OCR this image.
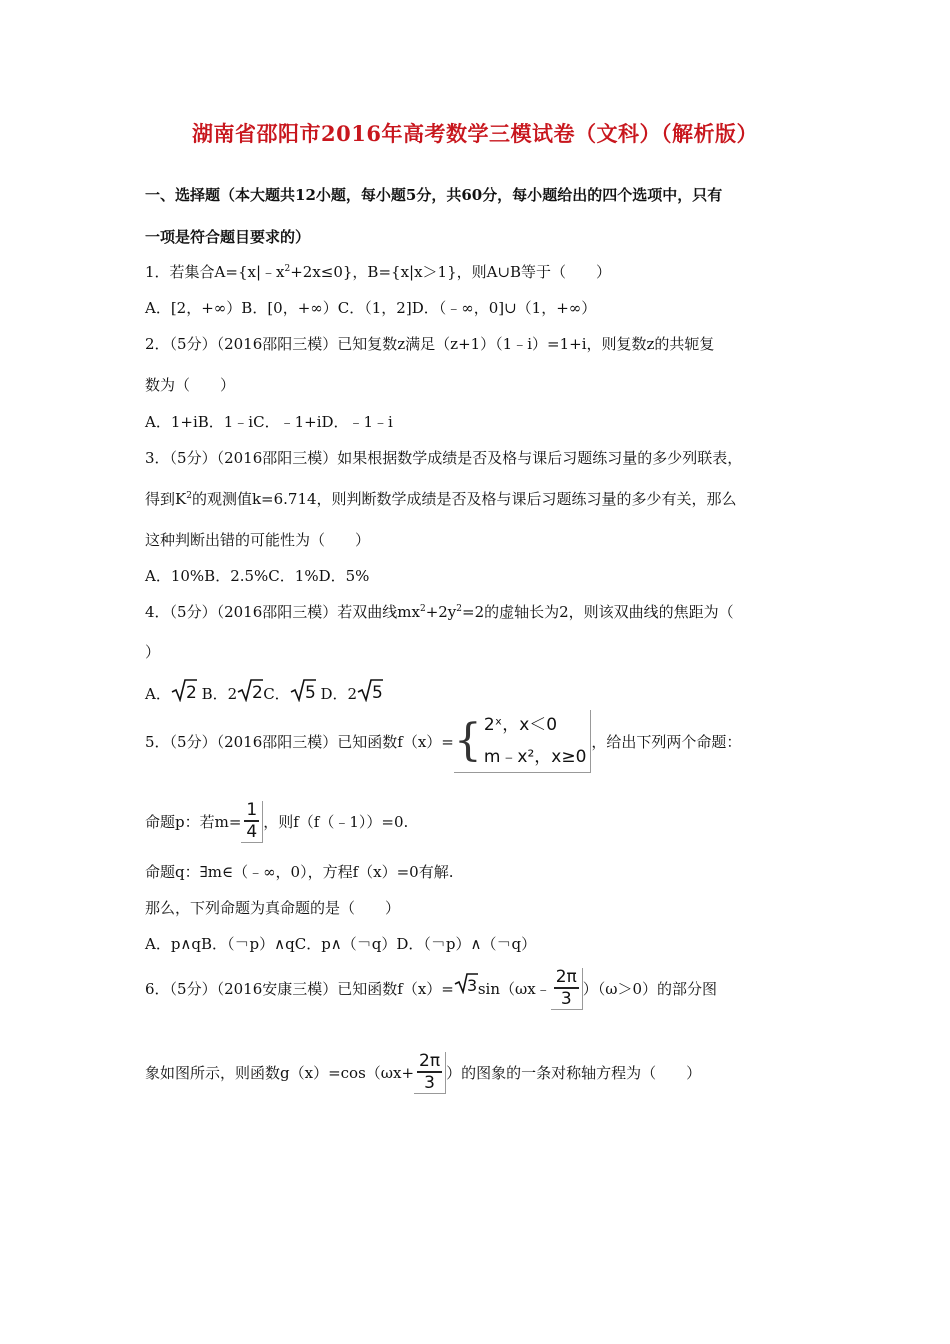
湖南省邵阳市2016年高考数学三模试卷（文科）（解析版）
一、选择题（本大题共12小题，每小题5分，共60分，每小题给出的四个选项中，只有
一项是符合题目要求的）
1．若集合$A=\{x|﹣x^2+2x\le 0\}$，B={x|x＞1}，则A∪B等于（　　）
A．[2，+∞）B．[0，+∞）C．（1，2]D．（﹣∞，0]∪（1，+∞）
2．（5分）（2016邵阳三模）已知复数z满足（z+1）（1﹣i）=1+i，则复数z的共轭复
数为（　　）
A．1+iB．1﹣iC．﹣1+iD．﹣1﹣i
3．（5分）（2016邵阳三模）如果根据数学成绩是否及格与课后习题练习量的多少列联表，
得到$K^2$的观测值k=6.714，则判断数学成绩是否及格与课后习题练习量的多少有关，那么
这种判断出错的可能性为（　　）
A．10%B．2.5%C．1%D．5%
4．（5分）（2016邵阳三模）若双曲线$mx^2+2y^2=2$的虚轴长为2，则该双曲线的焦距为（
）
A． 2 B．2 2 C． 5 D．2 5
5．（5分）（2016邵阳三模）已知函数f（x）= { 2ˣ，x＜0
m﹣x²，x≥0
，给出下列两个命题：
命题p：若$m= \frac{1}{4}$ ，则f（f（﹣1））=0.
命题q：∃m∈（﹣∞，0），方程f（x）=0有解.
那么，下列命题为真命题的是（　　）
A．p∧qB．（￢p）∧qC．p∧（￢q）D．（￢p）∧（￢q）
6．（5分）（2016安康三模）已知函数f（x）= 3 sin（ωx﹣ $\frac{2\pi}{3} )(\omega>0)$的部分图
象如图所示，则函数$g(x)=\cos(\omega x+ \frac{2\pi}{3}$ ）的图象的一条对称轴方程为（　　）
